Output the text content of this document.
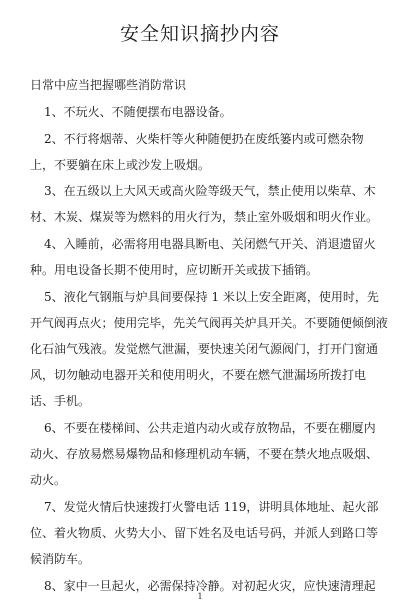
安全知识摘抄内容
日常中应当把握哪些消防常识
1、不玩火、不随便摆布电器设备。
2、不行将烟蒂、火柴杆等火种随便扔在废纸篓内或可燃杂物
上，不要躺在床上或沙发上吸烟。
3、在五级以上大风天或高火险等级天气，禁止使用以柴草、木
材、木炭、煤炭等为燃料的用火行为，禁止室外吸烟和明火作业。
4、入睡前，必需将用电器具断电、关闭燃气开关、消退遗留火
种。用电设备长期不使用时，应切断开关或拔下插销。
5、液化气钢瓶与炉具间要保持 1 米以上安全距离，使用时，先
开气阀再点火；使用完毕，先关气阀再关炉具开关。不要随便倾倒液
化石油气残液。发觉燃气泄漏，要快速关闭气源阀门，打开门窗通
风，切勿触动电器开关和使用明火，不要在燃气泄漏场所拨打电
话、手机。
6、不要在楼梯间、公共走道内动火或存放物品，不要在棚厦内
动火、存放易燃易爆物品和修理机动车辆，不要在禁火地点吸烟、
动火。
7、发觉火情后快速拨打火警电话 119，讲明具体地址、起火部
位、着火物质、火势大小、留下姓名及电话号码，并派人到路口等
候消防车。
8、家中一旦起火，必需保持冷静。对初起火灾，应快速清理起
1
